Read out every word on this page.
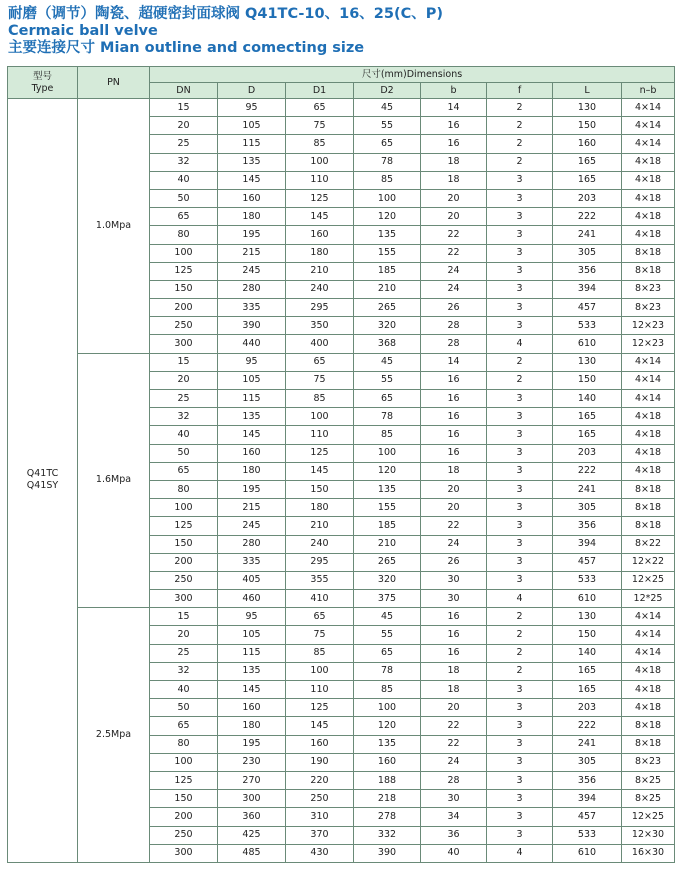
耐磨（调节）陶瓷、超硬密封面球阀 Q41TC-10、16、25(C、P)
Cermaic ball velve
主要连接尺寸 Mian outline and comecting size
型号
Type	PN	尺寸(mm)Dimensions							
		DN	D	D1	D2	b	f	L	n–b

Q41TC
Q41SY	1.0Mpa	15	95	65	45	14	2	130	4×14
		20	105	75	55	16	2	150	4×14
		25	115	85	65	16	2	160	4×14
		32	135	100	78	18	2	165	4×18
		40	145	110	85	18	3	165	4×18
		50	160	125	100	20	3	203	4×18
		65	180	145	120	20	3	222	4×18
		80	195	160	135	22	3	241	4×18
		100	215	180	155	22	3	305	8×18
		125	245	210	185	24	3	356	8×18
		150	280	240	210	24	3	394	8×23
		200	335	295	265	26	3	457	8×23
		250	390	350	320	28	3	533	12×23
		300	440	400	368	28	4	610	12×23
	1.6Mpa	15	95	65	45	14	2	130	4×14
		20	105	75	55	16	2	150	4×14
		25	115	85	65	16	3	140	4×14
		32	135	100	78	16	3	165	4×18
		40	145	110	85	16	3	165	4×18
		50	160	125	100	16	3	203	4×18
		65	180	145	120	18	3	222	4×18
		80	195	150	135	20	3	241	8×18
		100	215	180	155	20	3	305	8×18
		125	245	210	185	22	3	356	8×18
		150	280	240	210	24	3	394	8×22
		200	335	295	265	26	3	457	12×22
		250	405	355	320	30	3	533	12×25
		300	460	410	375	30	4	610	12*25
	2.5Mpa	15	95	65	45	16	2	130	4×14
		20	105	75	55	16	2	150	4×14
		25	115	85	65	16	2	140	4×14
		32	135	100	78	18	2	165	4×18
		40	145	110	85	18	3	165	4×18
		50	160	125	100	20	3	203	4×18
		65	180	145	120	22	3	222	8×18
		80	195	160	135	22	3	241	8×18
		100	230	190	160	24	3	305	8×23
		125	270	220	188	28	3	356	8×25
		150	300	250	218	30	3	394	8×25
		200	360	310	278	34	3	457	12×25
		250	425	370	332	36	3	533	12×30
		300	485	430	390	40	4	610	16×30
